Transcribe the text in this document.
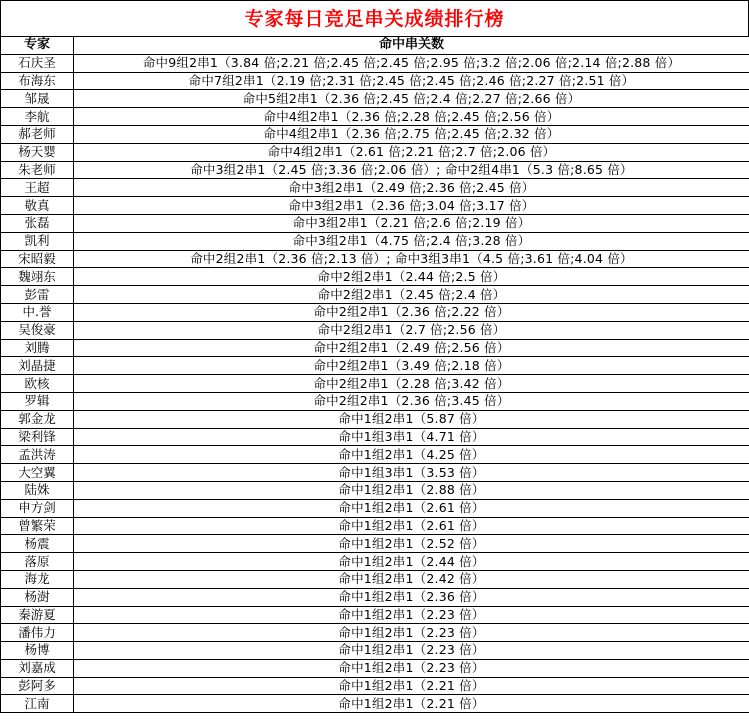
专家每日竞足串关成绩排行榜
专家	命中串关数
石庆圣	命中9组2串1（3.84 倍;2.21 倍;2.45 倍;2.45 倍;2.95 倍;3.2 倍;2.06 倍;2.14 倍;2.88 倍）
布海东	命中7组2串1（2.19 倍;2.31 倍;2.45 倍;2.45 倍;2.46 倍;2.27 倍;2.51 倍）
邹晟	命中5组2串1（2.36 倍;2.45 倍;2.4 倍;2.27 倍;2.66 倍）
李航	命中4组2串1（2.36 倍;2.28 倍;2.45 倍;2.56 倍）
郝老师	命中4组2串1（2.36 倍;2.75 倍;2.45 倍;2.32 倍）
杨天婴	命中4组2串1（2.61 倍;2.21 倍;2.7 倍;2.06 倍）
朱老师	命中3组2串1（2.45 倍;3.36 倍;2.06 倍）; 命中2组4串1（5.3 倍;8.65 倍）
王超	命中3组2串1（2.49 倍;2.36 倍;2.45 倍）
敬真	命中3组2串1（2.36 倍;3.04 倍;3.17 倍）
张磊	命中3组2串1（2.21 倍;2.6 倍;2.19 倍）
凯利	命中3组2串1（4.75 倍;2.4 倍;3.28 倍）
宋昭毅	命中2组2串1（2.36 倍;2.13 倍）; 命中3组3串1（4.5 倍;3.61 倍;4.04 倍）
魏翊东	命中2组2串1（2.44 倍;2.5 倍）
彭雷	命中2组2串1（2.45 倍;2.4 倍）
中.誉	命中2组2串1（2.36 倍;2.22 倍）
吴俊豪	命中2组2串1（2.7 倍;2.56 倍）
刘腾	命中2组2串1（2.49 倍;2.56 倍）
刘晶捷	命中2组2串1（3.49 倍;2.18 倍）
欧核	命中2组2串1（2.28 倍;3.42 倍）
罗辑	命中2组2串1（2.36 倍;3.45 倍）
郭金龙	命中1组2串1（5.87 倍）
梁利锋	命中1组3串1（4.71 倍）
孟洪涛	命中1组2串1（4.25 倍）
大空翼	命中1组3串1（3.53 倍）
陆姝	命中1组2串1（2.88 倍）
申方剑	命中1组2串1（2.61 倍）
曾繁荣	命中1组2串1（2.61 倍）
杨震	命中1组2串1（2.52 倍）
落原	命中1组2串1（2.44 倍）
海龙	命中1组2串1（2.42 倍）
杨澍	命中1组2串1（2.36 倍）
秦游夏	命中1组2串1（2.23 倍）
潘伟力	命中1组2串1（2.23 倍）
杨博	命中1组2串1（2.23 倍）
刘嘉成	命中1组2串1（2.23 倍）
彭阿多	命中1组2串1（2.21 倍）
江南	命中1组2串1（2.21 倍）
